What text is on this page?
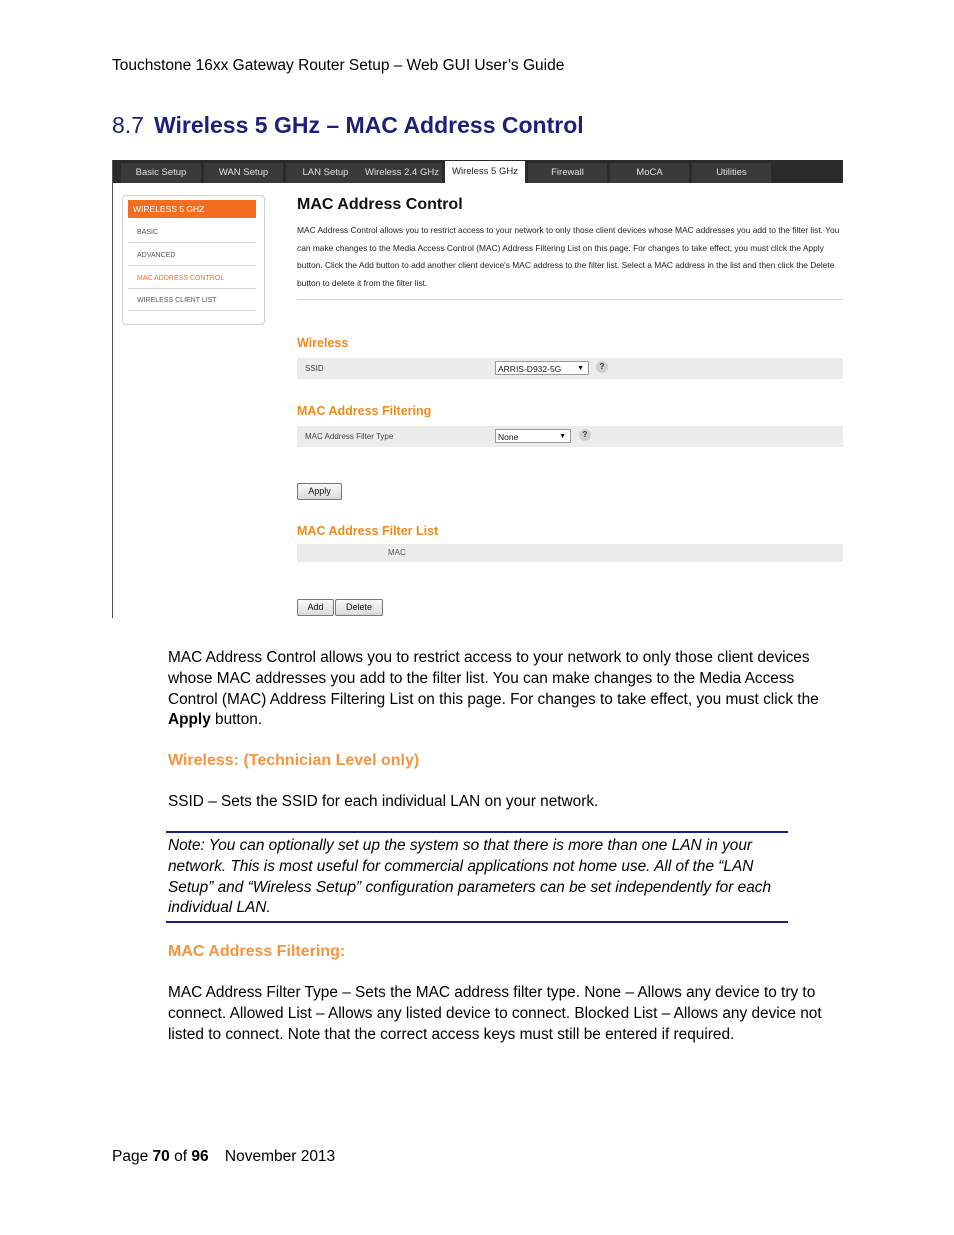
Touchstone 16xx Gateway Router Setup – Web GUI User’s Guide
8.7 Wireless 5 GHz – MAC Address Control
Basic Setup	WAN Setup	LAN Setup	Wireless 2.4 GHz	Wireless 5 GHz	Firewall	MoCA	Utilities
WIRELESS 5 GHZ
BASIC
ADVANCED
MAC ADDRESS CONTROL
WIRELESS CLIENT LIST
MAC Address Control
MAC Address Control allows you to restrict access to your network to only those client devices whose MAC addresses you add to the filter list. You can make changes to the Media Access Control (MAC) Address Filtering List on this page. For changes to take effect, you must click the Apply button. Click the Add button to add another client device's MAC address to the filter list. Select a MAC address in the list and then click the Delete button to delete it from the filter list.
Wireless
SSID	ARRIS-D932-5G ▼	?
MAC Address Filtering
MAC Address Filter Type	None	▼	?
Apply
MAC Address Filter List
MAC
Add	Delete
MAC Address Control allows you to restrict access to your network to only those client devices whose MAC addresses you add to the filter list. You can make changes to the Media Access Control (MAC) Address Filtering List on this page. For changes to take effect, you must click the Apply button.
Wireless: (Technician Level only)
SSID – Sets the SSID for each individual LAN on your network.
Note: You can optionally set up the system so that there is more than one LAN in your network. This is most useful for commercial applications not home use. All of the “LAN Setup” and “Wireless Setup” configuration parameters can be set independently for each individual LAN.
MAC Address Filtering:
MAC Address Filter Type – Sets the MAC address filter type. None – Allows any device to try to connect. Allowed List – Allows any listed device to connect. Blocked List – Allows any device not listed to connect. Note that the correct access keys must still be entered if required.
Page 70 of 96 November 2013
